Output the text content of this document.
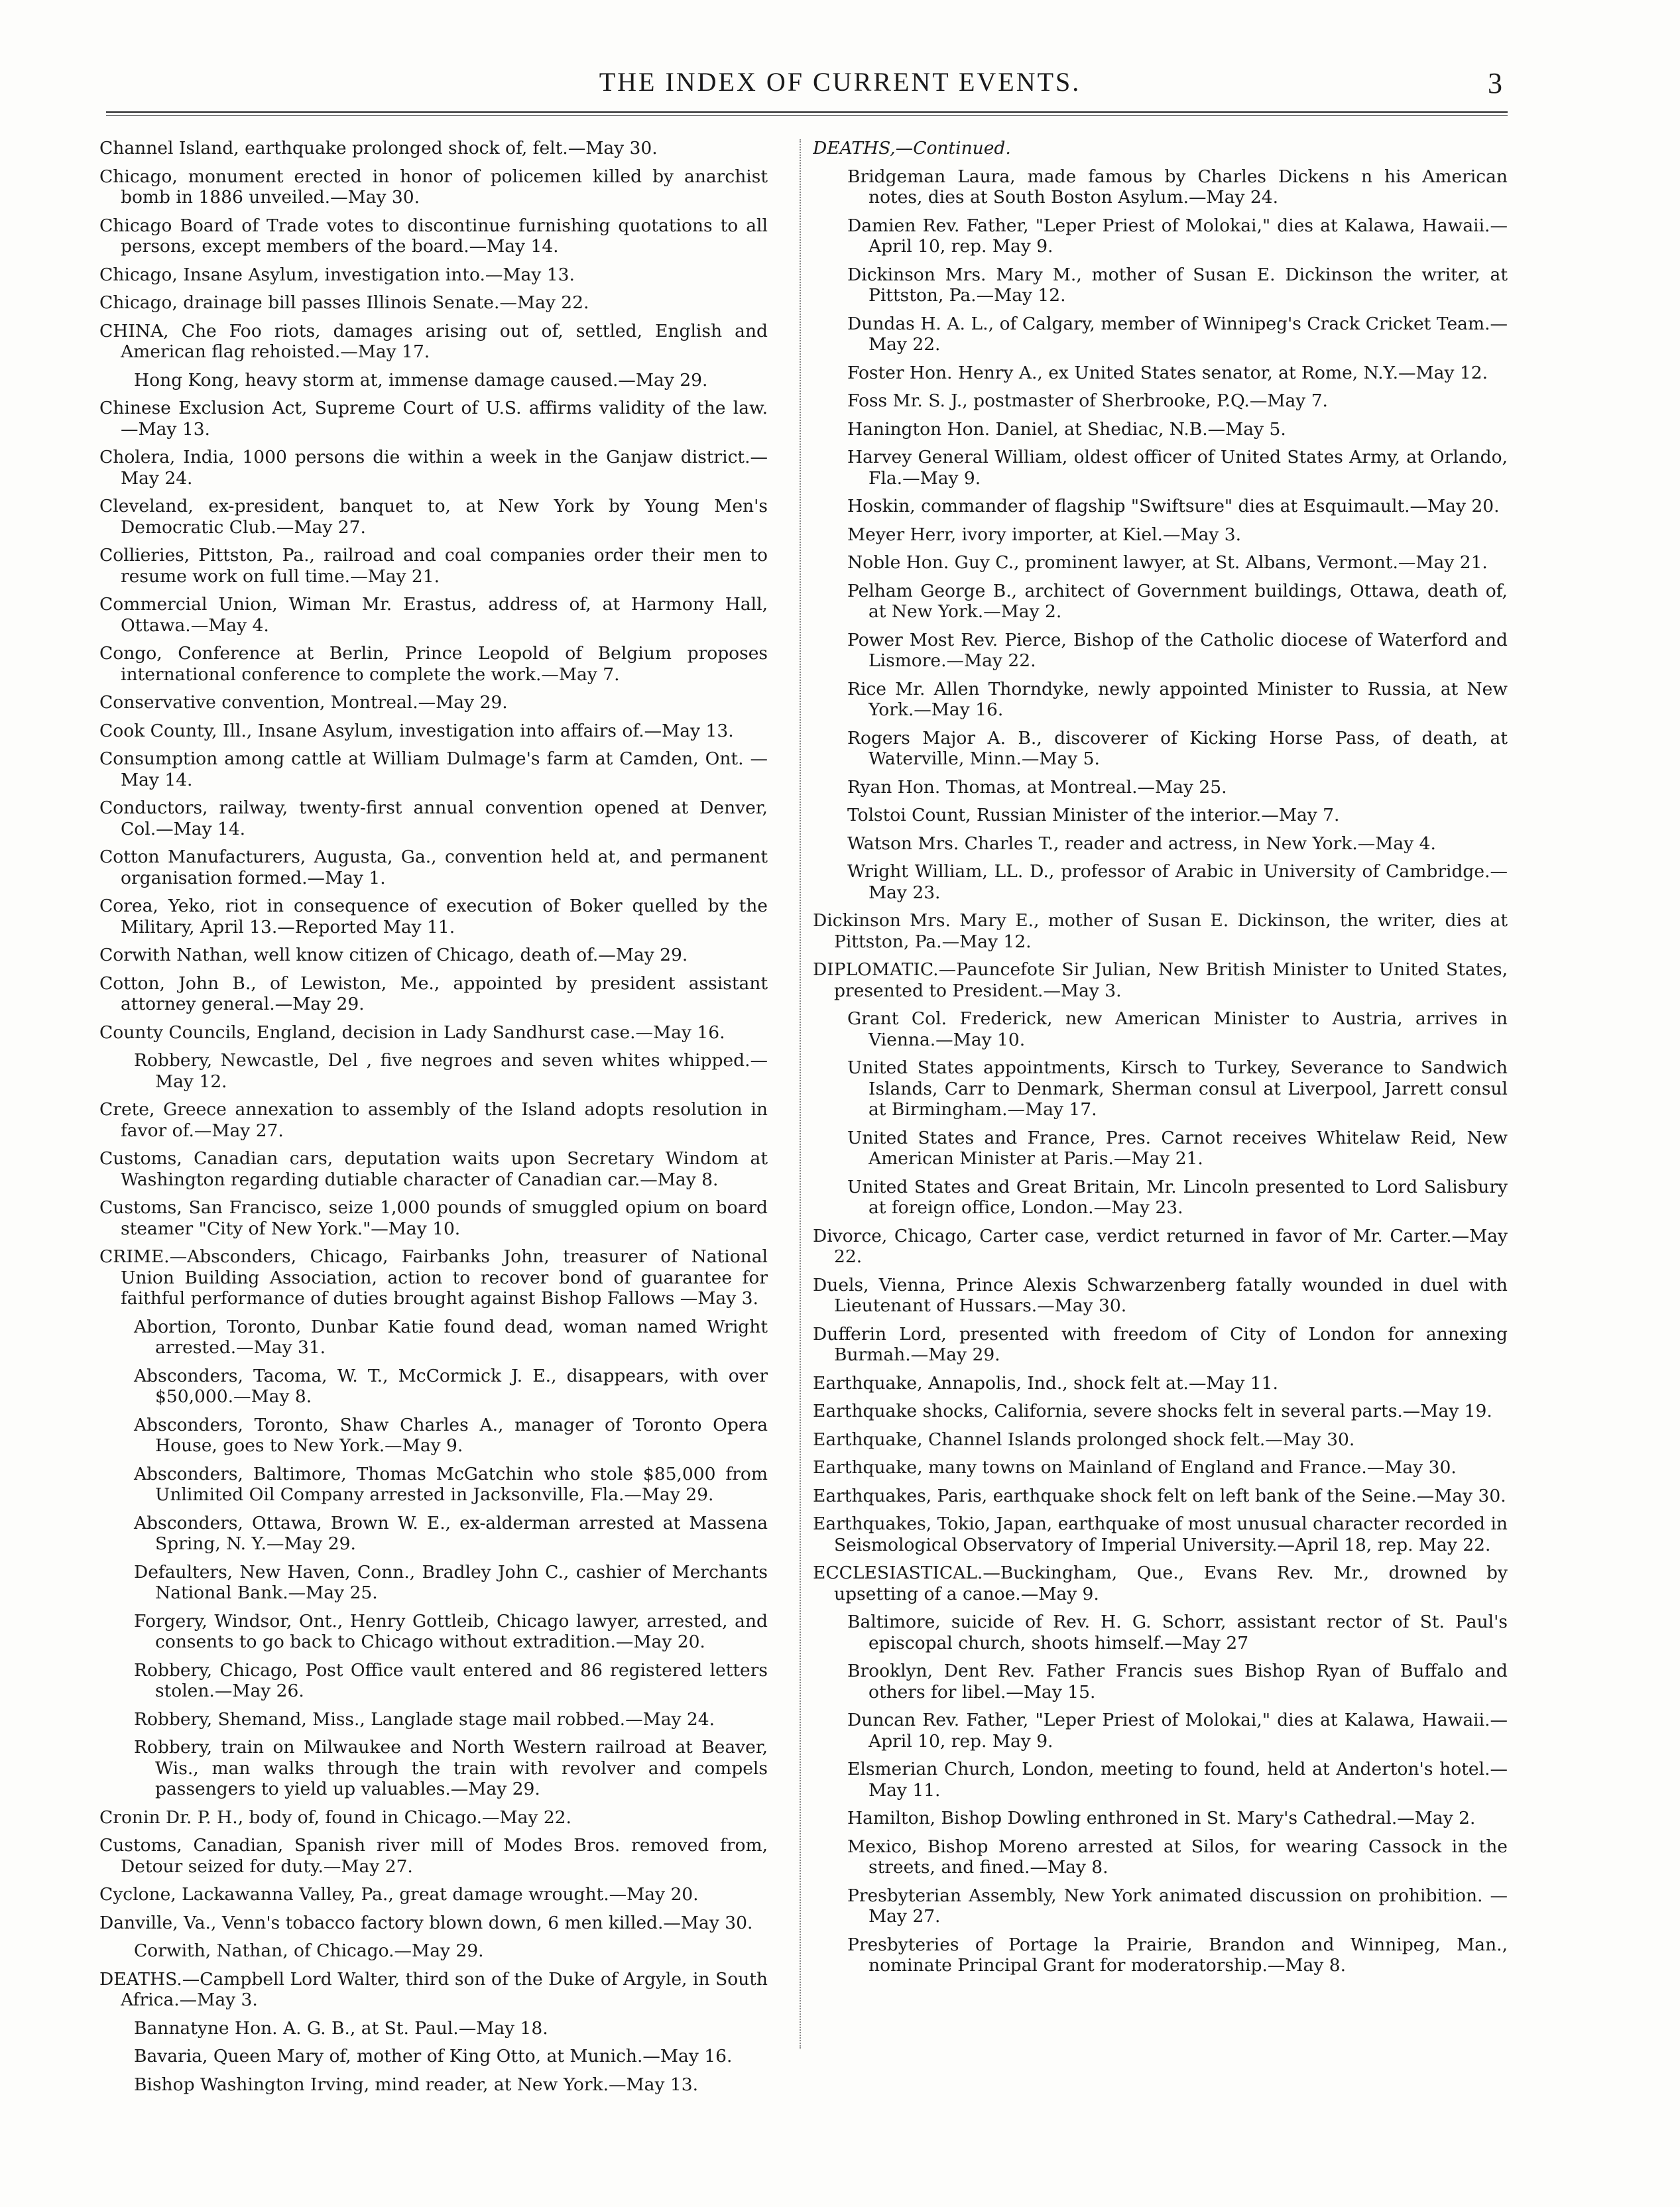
THE INDEX OF CURRENT EVENTS.	3

Channel Island, earthquake prolonged shock of, felt.—May 30.

Chicago, monument erected in honor of policemen killed by anarchist bomb in 1886 unveiled.—May 30.

Chicago Board of Trade votes to discontinue furnishing quotations to all persons, except members of the board.—May 14.

Chicago, Insane Asylum, investigation into.—May 13.

Chicago, drainage bill passes Illinois Senate.—May 22.

CHINA, Che Foo riots, damages arising out of, settled, English and American flag rehoisted.—May 17.

Hong Kong, heavy storm at, immense damage caused.—May 29.

Chinese Exclusion Act, Supreme Court of U.S. affirms validity of the law. —May 13.

Cholera, India, 1000 persons die within a week in the Ganjaw district.—May 24.

Cleveland, ex-president, banquet to, at New York by Young Men's Democratic Club.—May 27.

Collieries, Pittston, Pa., railroad and coal companies order their men to resume work on full time.—May 21.

Commercial Union, Wiman Mr. Erastus, address of, at Harmony Hall, Ottawa.—May 4.

Congo, Conference at Berlin, Prince Leopold of Belgium proposes international conference to complete the work.—May 7.

Conservative convention, Montreal.—May 29.

Cook County, Ill., Insane Asylum, investigation into affairs of.—May 13.

Consumption among cattle at William Dulmage's farm at Camden, Ont. —May 14.

Conductors, railway, twenty-first annual convention opened at Denver, Col.—May 14.

Cotton Manufacturers, Augusta, Ga., convention held at, and permanent organisation formed.—May 1.

Corea, Yeko, riot in consequence of execution of Boker quelled by the Military, April 13.—Reported May 11.

Corwith Nathan, well know citizen of Chicago, death of.—May 29.

Cotton, John B., of Lewiston, Me., appointed by president assistant attorney general.—May 29.

County Councils, England, decision in Lady Sandhurst case.—May 16.

Robbery, Newcastle, Del , five negroes and seven whites whipped.—May 12.

Crete, Greece annexation to assembly of the Island adopts resolution in favor of.—May 27.

Customs, Canadian cars, deputation waits upon Secretary Windom at Washington regarding dutiable character of Canadian car.—May 8.

Customs, San Francisco, seize 1,000 pounds of smuggled opium on board steamer "City of New York."—May 10.

CRIME.—Absconders, Chicago, Fairbanks John, treasurer of National Union Building Association, action to recover bond of guarantee for faithful performance of duties brought against Bishop Fallows —May 3.

Abortion, Toronto, Dunbar Katie found dead, woman named Wright arrested.—May 31.

Absconders, Tacoma, W. T., McCormick J. E., disappears, with over $50,000.—May 8.

Absconders, Toronto, Shaw Charles A., manager of Toronto Opera House, goes to New York.—May 9.

Absconders, Baltimore, Thomas McGatchin who stole $85,000 from Unlimited Oil Company arrested in Jacksonville, Fla.—May 29.

Absconders, Ottawa, Brown W. E., ex-alderman arrested at Massena Spring, N. Y.—May 29.

Defaulters, New Haven, Conn., Bradley John C., cashier of Merchants National Bank.—May 25.

Forgery, Windsor, Ont., Henry Gottleib, Chicago lawyer, arrested, and consents to go back to Chicago without extradition.—May 20.

Robbery, Chicago, Post Office vault entered and 86 registered letters stolen.—May 26.

Robbery, Shemand, Miss., Langlade stage mail robbed.—May 24.

Robbery, train on Milwaukee and North Western railroad at Beaver, Wis., man walks through the train with revolver and compels passengers to yield up valuables.—May 29.

Cronin Dr. P. H., body of, found in Chicago.—May 22.

Customs, Canadian, Spanish river mill of Modes Bros. removed from, Detour seized for duty.—May 27.

Cyclone, Lackawanna Valley, Pa., great damage wrought.—May 20.

Danville, Va., Venn's tobacco factory blown down, 6 men killed.—May 30.

Corwith, Nathan, of Chicago.—May 29.

DEATHS.—Campbell Lord Walter, third son of the Duke of Argyle, in South Africa.—May 3.

Bannatyne Hon. A. G. B., at St. Paul.—May 18.

Bavaria, Queen Mary of, mother of King Otto, at Munich.—May 16.

Bishop Washington Irving, mind reader, at New York.—May 13.

DEATHS,—Continued.

Bridgeman Laura, made famous by Charles Dickens n his American notes, dies at South Boston Asylum.—May 24.

Damien Rev. Father, "Leper Priest of Molokai," dies at Kalawa, Hawaii.—April 10, rep. May 9.

Dickinson Mrs. Mary M., mother of Susan E. Dickinson the writer, at Pittston, Pa.—May 12.

Dundas H. A. L., of Calgary, member of Winnipeg's Crack Cricket Team.—May 22.

Foster Hon. Henry A., ex United States senator, at Rome, N.Y.—May 12.

Foss Mr. S. J., postmaster of Sherbrooke, P.Q.—May 7.

Hanington Hon. Daniel, at Shediac, N.B.—May 5.

Harvey General William, oldest officer of United States Army, at Orlando, Fla.—May 9.

Hoskin, commander of flagship "Swiftsure" dies at Esquimault.—May 20.

Meyer Herr, ivory importer, at Kiel.—May 3.

Noble Hon. Guy C., prominent lawyer, at St. Albans, Vermont.—May 21.

Pelham George B., architect of Government buildings, Ottawa, death of, at New York.—May 2.

Power Most Rev. Pierce, Bishop of the Catholic diocese of Waterford and Lismore.—May 22.

Rice Mr. Allen Thorndyke, newly appointed Minister to Russia, at New York.—May 16.

Rogers Major A. B., discoverer of Kicking Horse Pass, of death, at Waterville, Minn.—May 5.

Ryan Hon. Thomas, at Montreal.—May 25.

Tolstoi Count, Russian Minister of the interior.—May 7.

Watson Mrs. Charles T., reader and actress, in New York.—May 4.

Wright William, LL. D., professor of Arabic in University of Cambridge.—May 23.

Dickinson Mrs. Mary E., mother of Susan E. Dickinson, the writer, dies at Pittston, Pa.—May 12.

DIPLOMATIC.—Pauncefote Sir Julian, New British Minister to United States, presented to President.—May 3.

Grant Col. Frederick, new American Minister to Austria, arrives in Vienna.—May 10.

United States appointments, Kirsch to Turkey, Severance to Sandwich Islands, Carr to Denmark, Sherman consul at Liverpool, Jarrett consul at Birmingham.—May 17.

United States and France, Pres. Carnot receives Whitelaw Reid, New American Minister at Paris.—May 21.

United States and Great Britain, Mr. Lincoln presented to Lord Salisbury at foreign office, London.—May 23.

Divorce, Chicago, Carter case, verdict returned in favor of Mr. Carter.—May 22.

Duels, Vienna, Prince Alexis Schwarzenberg fatally wounded in duel with Lieutenant of Hussars.—May 30.

Dufferin Lord, presented with freedom of City of London for annexing Burmah.—May 29.

Earthquake, Annapolis, Ind., shock felt at.—May 11.

Earthquake shocks, California, severe shocks felt in several parts.—May 19.

Earthquake, Channel Islands prolonged shock felt.—May 30.

Earthquake, many towns on Mainland of England and France.—May 30.

Earthquakes, Paris, earthquake shock felt on left bank of the Seine.—May 30.

Earthquakes, Tokio, Japan, earthquake of most unusual character recorded in Seismological Observatory of Imperial University.—April 18, rep. May 22.

ECCLESIASTICAL.—Buckingham, Que., Evans Rev. Mr., drowned by upsetting of a canoe.—May 9.

Baltimore, suicide of Rev. H. G. Schorr, assistant rector of St. Paul's episcopal church, shoots himself.—May 27

Brooklyn, Dent Rev. Father Francis sues Bishop Ryan of Buffalo and others for libel.—May 15.

Duncan Rev. Father, "Leper Priest of Molokai," dies at Kalawa, Hawaii.—April 10, rep. May 9.

Elsmerian Church, London, meeting to found, held at Anderton's hotel.—May 11.

Hamilton, Bishop Dowling enthroned in St. Mary's Cathedral.—May 2.

Mexico, Bishop Moreno arrested at Silos, for wearing Cassock in the streets, and fined.—May 8.

Presbyterian Assembly, New York animated discussion on prohibition. —May 27.

Presbyteries of Portage la Prairie, Brandon and Winnipeg, Man., nominate Principal Grant for moderatorship.—May 8.
